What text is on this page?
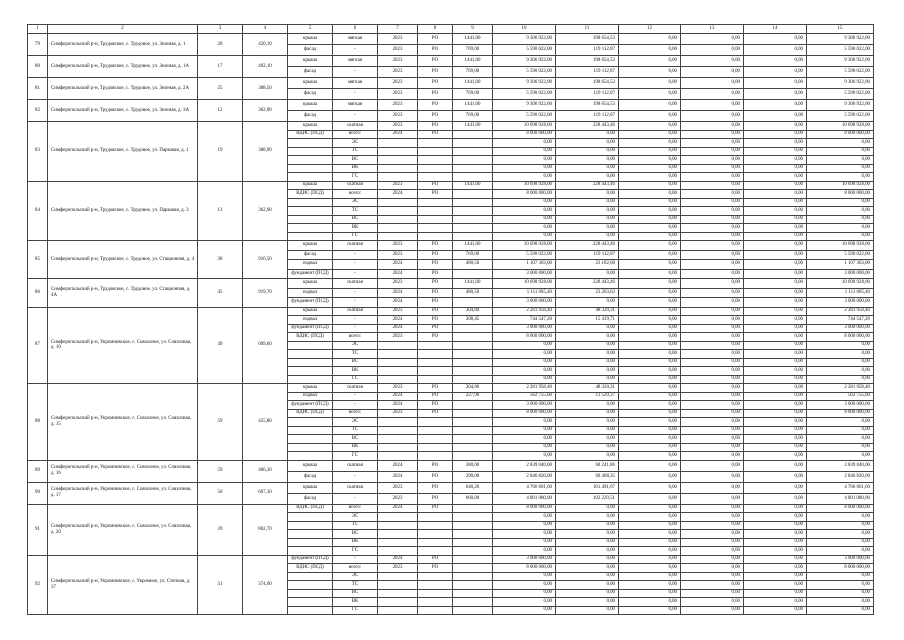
1	2	3	4	5	6	7	8	9	10	11	12	13	14	15
79	Симферопольский р-н, Трудовское, с. Трудовое, ул. Зеленая, д. 1	20	420,10	крыша	мягкая	2023	РО	1441,00	9 306 922,00	198 654,53	0,00	0,00	0,00	9 306 922,00
				фасад	-	2023	РО	769,00	5 590 022,00	119 112,87	0,00	0,00	0,00	5 590 022,00
80	Симферопольский р-н, Трудовское, с. Трудовое, ул. Зеленая, д. 1А	17	402,10	крыша	мягкая	2023	РО	1441,00	9 306 922,00	198 654,53	0,00	0,00	0,00	9 306 922,00
				фасад	-	2023	РО	769,00	5 590 022,00	119 112,87	0,00	0,00	0,00	5 590 022,00
81	Симферопольский р-н, Трудовское, с. Трудовое, ул. Зеленая, д. 2А	25	388,50	крыша	мягкая	2023	РО	1441,00	9 306 922,00	198 654,53	0,00	0,00	0,00	9 306 922,00
				фасад	-	2023	РО	769,00	5 590 022,00	119 112,87	0,00	0,00	0,00	5 590 022,00
82	Симферопольский р-н, Трудовское, с. Трудовое, ул. Зеленая, д. 3А	12	362,90	крыша	мягкая	2023	РО	1441,00	9 306 922,00	198 654,53	0,00	0,00	0,00	9 306 922,00
				фасад	-	2023	РО	769,00	5 590 022,00	119 112,87	0,00	0,00	0,00	5 590 022,00
83	Симферопольский р-н, Трудовское, с. Трудовое, ул. Парковая, д. 1	19	388,90	крыша	скатная	2023	РО	1441,00	10 698 928,00	228 443,46	0,00	0,00	0,00	10 698 928,00
				ВДИС (ПСД)	всего:	2024	РО		8 000 000,00	0,00	0,00	0,00	0,00	8 000 000,00
					ЭС				0,00	0,00	0,00	0,00	0,00	0,00
					ТС				0,00	0,00	0,00	0,00	0,00	0,00
					ВС				0,00	0,00	0,00	0,00	0,00	0,00
					ВК				0,00	0,00	0,00	0,00	0,00	0,00
					ГС				0,00	0,00	0,00	0,00	0,00	0,00
84	Симферопольский р-н, Трудовское, с. Трудовое, ул. Парковая, д. 3	13	362,90	крыша	скатная	2023	РО	1441,00	10 698 928,00	228 443,46	0,00	0,00	0,00	10 698 928,00
				ВДИС (ПСД)	всего:	2024	РО		8 000 000,00	0,00	0,00	0,00	0,00	8 000 000,00
					ЭС				0,00	0,00	0,00	0,00	0,00	0,00
					ТС				0,00	0,00	0,00	0,00	0,00	0,00
					ВС				0,00	0,00	0,00	0,00	0,00	0,00
					ВК				0,00	0,00	0,00	0,00	0,00	0,00
					ГС				0,00	0,00	0,00	0,00	0,00	0,00
85	Симферопольский р-н, Трудовское, с. Трудовое, ул. Стационная, д. 4	38	916,50	крыша	скатная	2023	РО	1441,00	10 698 928,00	228 443,46	0,00	0,00	0,00	10 698 928,00
				фасад	-	2023	РО	769,00	5 590 022,00	119 112,87	0,00	0,00	0,00	5 590 022,00
				подвал	-	2024	РО	480,50	1 107 303,00	23 182,68	0,00	0,00	0,00	1 107 303,00
				фундамент (ПСД)	-	2024	РО		3 000 000,00	0,00	0,00	0,00	0,00	3 000 000,00
86	Симферопольский р-н, Трудовское, с. Трудовое, ул. Стационная, д. 4А	45	919,70	крыша	скатная	2023	РО	1441,00	10 698 928,00	228 443,46	0,00	0,00	0,00	10 698 928,00
				подвал	-	2024	РО	480,50	1 111 085,40	23 263,62	0,00	0,00	0,00	1 111 085,40
				фундамент (ПСД)	-	2024	РО		3 000 000,00	0,00	0,00	0,00	0,00	3 000 000,00
87	Симферопольский р-н, Укромновское, с. Совхозное, ул. Совхозная, д. 10	49	609,60	крыша	скатная	2023	РО	304,80	2 281 958,40	48 320,31	0,00	0,00	0,00	2 281 958,40
				подвал	-	2024	РО	308,45	744 547,20	15 419,71	0,00	0,00	0,00	744 547,20
				фундамент (ПСД)	-	2024	РО		3 000 000,00	0,00	0,00	0,00	0,00	3 000 000,00
				ВДИС (ПСД)	всего:	2023	РО		8 000 000,00	0,00	0,00	0,00	0,00	8 000 000,00
					ЭС				0,00	0,00	0,00	0,00	0,00	0,00
					ТС				0,00	0,00	0,00	0,00	0,00	0,00
					ВС				0,00	0,00	0,00	0,00	0,00	0,00
					ВК				0,00	0,00	0,00	0,00	0,00	0,00
					ГС				0,00	0,00	0,00	0,00	0,00	0,00
88	Симферопольский р-н, Укромновское, с. Совхозное, ул. Совхозная, д. 15	59	455,80	крыша	скатная	2023	РО	304,80	2 281 958,40	48 320,31	0,00	0,00	0,00	2 281 958,40
				подвал	-	2024	РО	227,90	562 755,60	11 529,37	0,00	0,00	0,00	562 755,60
				фундамент (ПСД)	-	2024	РО		3 000 000,00	0,00	0,00	0,00	0,00	3 000 000,00
				ВДИС (ПСД)	всего:	2023	РО		8 000 000,00	0,00	0,00	0,00	0,00	8 000 000,00
					ЭС				0,00	0,00	0,00	0,00	0,00	0,00
					ТС				0,00	0,00	0,00	0,00	0,00	0,00
					ВС				0,00	0,00	0,00	0,00	0,00	0,00
					ВК				0,00	0,00	0,00	0,00	0,00	0,00
					ГС				0,00	0,00	0,00	0,00	0,00	0,00
89	Симферопольский р-н, Укромновское, с. Совхозное, ул. Совхозная, д. 16	59	406,30	крыша	скатная	2024	РО	380,00	2 839 040,00	60 241,86	0,00	0,00	0,00	2 839 040,00
				фасад	-	2024	РО	390,00	2 846 820,00	60 408,35	0,00	0,00	0,00	2 846 820,00
90	Симферопольский р-н, Укромновское, с. Совхозное, ул. Совхозная, д. 17	56	667,10	крыша	скатная	2023	РО	640,20	4 766 601,60	101 491,67	0,00	0,00	0,00	4 766 601,60
				фасад	-	2023	РО	660,00	4 801 080,00	102 229,51	0,00	0,00	0,00	4 801 080,00
91	Симферопольский р-н, Укромновское, с. Совхозное, ул. Совхозная, д. 20	39	862,70	ВДИС (ПСД)	всего:	2024	РО		8 000 000,00	0,00	0,00	0,00	0,00	8 000 000,00
					ЭС				0,00	0,00	0,00	0,00	0,00	0,00
					ТС				0,00	0,00	0,00	0,00	0,00	0,00
					ВС				0,00	0,00	0,00	0,00	0,00	0,00
					ВК				0,00	0,00	0,00	0,00	0,00	0,00
					ГС				0,00	0,00	0,00	0,00	0,00	0,00
92	Симферопольский р-н, Укромновское, с. Укромное, ул. Степная, д. 37	31	374,00	фундамент (ПСД)	-	2024	РО		3 000 000,00	0,00	0,00	0,00	0,00	3 000 000,00
				ВДИС (ПСД)	всего:	2023	РО		8 000 000,00	0,00	0,00	0,00	0,00	8 000 000,00
					ЭС				0,00	0,00	0,00	0,00	0,00	0,00
					ТС				0,00	0,00	0,00	0,00	0,00	0,00
					ВС				0,00	0,00	0,00	0,00	0,00	0,00
					ВК				0,00	0,00	0,00	0,00	0,00	0,00
					ГС				0,00	0,00	0,00	0,00	0,00	0,00
